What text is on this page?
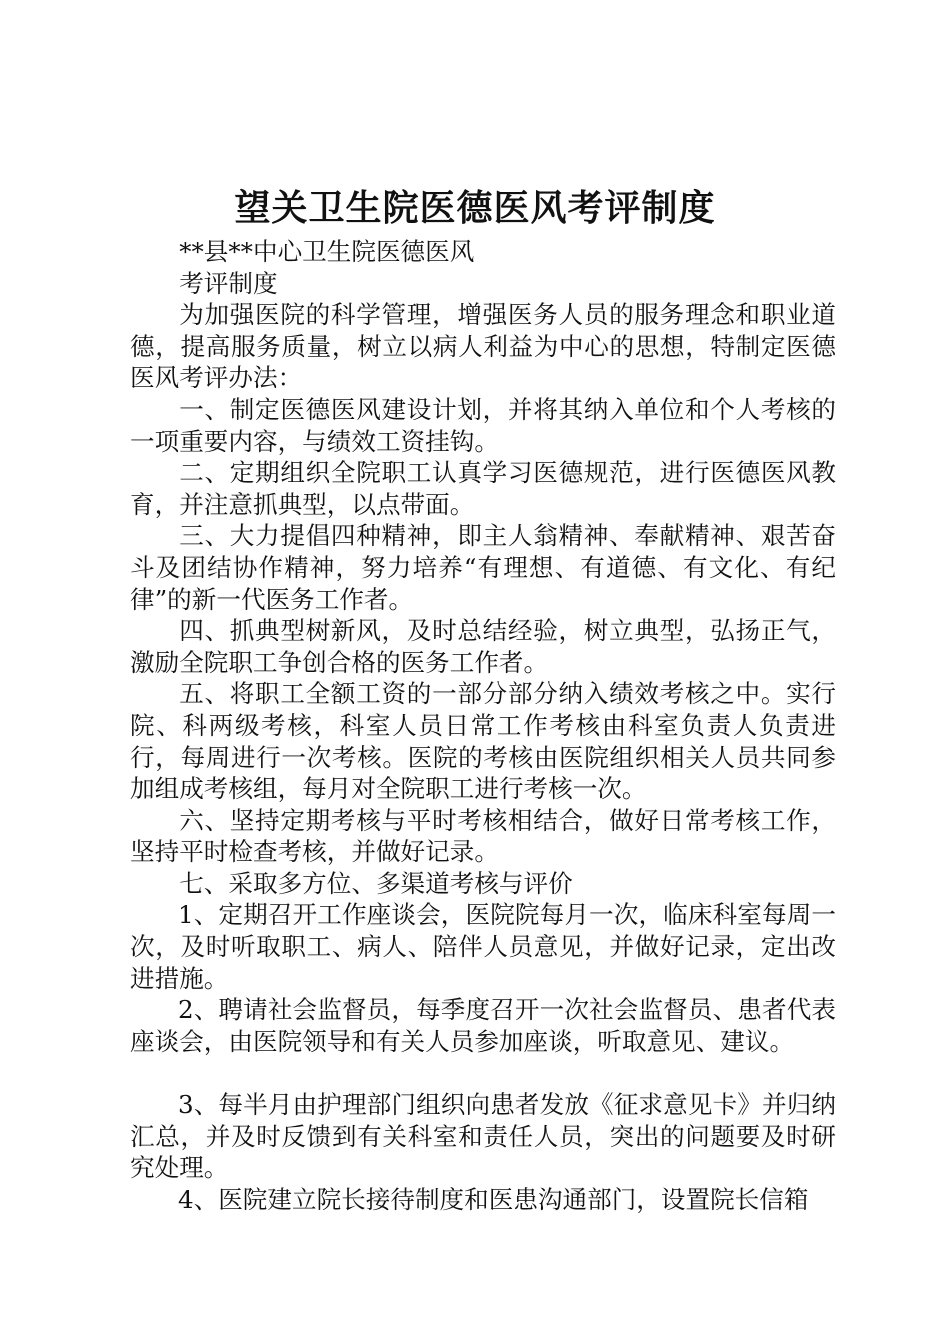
望关卫生院医德医风考评制度

**县**中心卫生院医德医风

考评制度

为加强医院的科学管理，增强医务人员的服务理念和职业道德，提高服务质量，树立以病人利益为中心的思想，特制定医德医风考评办法：

一、制定医德医风建设计划，并将其纳入单位和个人考核的一项重要内容，与绩效工资挂钩。

二、定期组织全院职工认真学习医德规范，进行医德医风教育，并注意抓典型，以点带面。

三、大力提倡四种精神，即主人翁精神、奉献精神、艰苦奋斗及团结协作精神，努力培养“有理想、有道德、有文化、有纪律”的新一代医务工作者。

四、抓典型树新风，及时总结经验，树立典型，弘扬正气，激励全院职工争创合格的医务工作者。

五、将职工全额工资的一部分部分纳入绩效考核之中。实行院、科两级考核，科室人员日常工作考核由科室负责人负责进行，每周进行一次考核。医院的考核由医院组织相关人员共同参加组成考核组，每月对全院职工进行考核一次。

六、坚持定期考核与平时考核相结合，做好日常考核工作，坚持平时检查考核，并做好记录。

七、采取多方位、多渠道考核与评价

1、定期召开工作座谈会，医院院每月一次，临床科室每周一次，及时听取职工、病人、陪伴人员意见，并做好记录，定出改进措施。

2、聘请社会监督员，每季度召开一次社会监督员、患者代表座谈会，由医院领导和有关人员参加座谈，听取意见、建议。

3、每半月由护理部门组织向患者发放《征求意见卡》并归纳汇总，并及时反馈到有关科室和责任人员，突出的问题要及时研究处理。

4、医院建立院长接待制度和医患沟通部门，设置院长信箱
